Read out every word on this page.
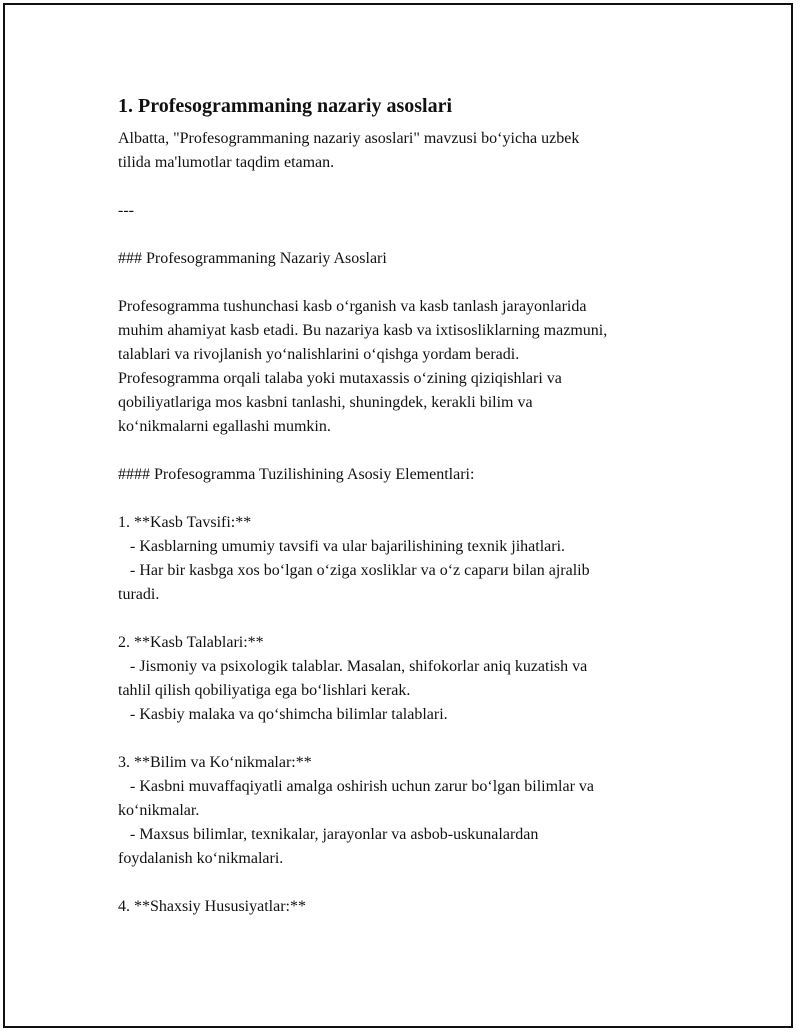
1. Profesogrammaning nazariy asoslari

Albatta, "Profesogrammaning nazariy asoslari" mavzusi bo‘yicha uzbek
tilida ma'lumotlar taqdim etaman.

---

### Profesogrammaning Nazariy Asoslari

Profesogramma tushunchasi kasb o‘rganish va kasb tanlash jarayonlarida
muhim ahamiyat kasb etadi. Bu nazariya kasb va ixtisosliklarning mazmuni,
talablari va rivojlanish yo‘nalishlarini o‘qishga yordam beradi.
Profesogramma orqali talaba yoki mutaxassis o‘zining qiziqishlari va
qobiliyatlariga mos kasbni tanlashi, shuningdek, kerakli bilim va
ko‘nikmalarni egallashi mumkin.

#### Profesogramma Tuzilishining Asosiy Elementlari:

1. **Kasb Tavsifi:**

- Kasblarning umumiy tavsifi va ular bajarilishining texnik jihatlari.

- Har bir kasbga xos bo‘lgan o‘ziga xosliklar va o‘z сараги bilan ajralib
turadi.

2. **Kasb Talablari:**

- Jismoniy va psixologik talablar. Masalan, shifokorlar aniq kuzatish va
tahlil qilish qobiliyatiga ega bo‘lishlari kerak.

- Kasbiy malaka va qo‘shimcha bilimlar talablari.

3. **Bilim va Ko‘nikmalar:**

- Kasbni muvaffaqiyatli amalga oshirish uchun zarur bo‘lgan bilimlar va
ko‘nikmalar.

- Maxsus bilimlar, texnikalar, jarayonlar va asbob-uskunalardan
foydalanish ko‘nikmalari.

4. **Shaxsiy Hususiyatlar:**
